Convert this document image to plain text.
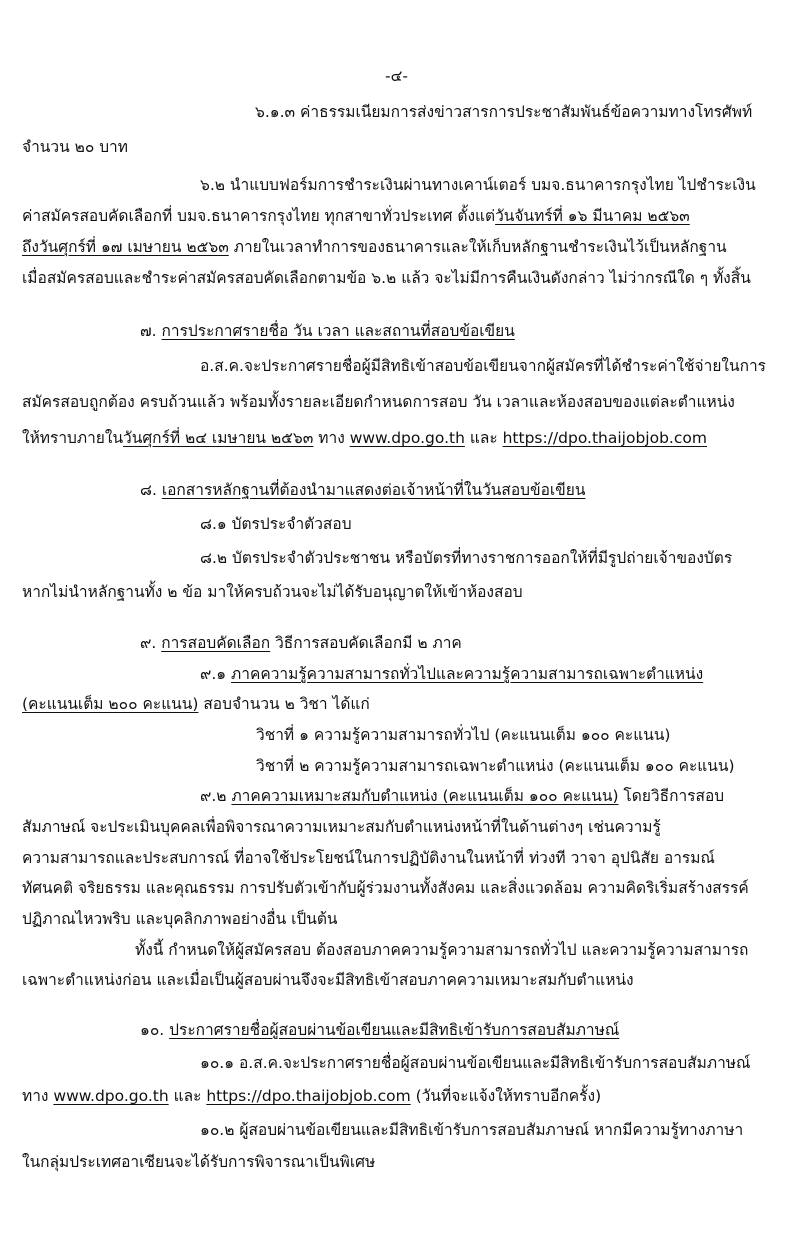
-๔-
๖.๑.๓ ค่าธรรมเนียมการส่งข่าวสารการประชาสัมพันธ์ข้อความทางโทรศัพท์
จำนวน ๒๐ บาท
๖.๒ นำแบบฟอร์มการชำระเงินผ่านทางเคาน์เตอร์ บมจ.ธนาคารกรุงไทย ไปชำระเงิน
ค่าสมัครสอบคัดเลือกที่ บมจ.ธนาคารกรุงไทย ทุกสาขาทั่วประเทศ ตั้งแต่วันจันทร์ที่ ๑๖ มีนาคม ๒๕๖๓
ถึงวันศุกร์ที่ ๑๗ เมษายน ๒๕๖๓ ภายในเวลาทำการของธนาคารและให้เก็บหลักฐานชำระเงินไว้เป็นหลักฐาน
เมื่อสมัครสอบและชำระค่าสมัครสอบคัดเลือกตามข้อ ๖.๒ แล้ว จะไม่มีการคืนเงินดังกล่าว ไม่ว่ากรณีใด ๆ ทั้งสิ้น
๗. การประกาศรายชื่อ วัน เวลา และสถานที่สอบข้อเขียน
อ.ส.ค.จะประกาศรายชื่อผู้มีสิทธิเข้าสอบข้อเขียนจากผู้สมัครที่ได้ชำระค่าใช้จ่ายในการ
สมัครสอบถูกต้อง ครบถ้วนแล้ว พร้อมทั้งรายละเอียดกำหนดการสอบ วัน เวลาและห้องสอบของแต่ละตำแหน่ง
ให้ทราบภายในวันศุกร์ที่ ๒๔ เมษายน ๒๕๖๓ ทาง www.dpo.go.th และ https://dpo.thaijobjob.com
๘. เอกสารหลักฐานที่ต้องนำมาแสดงต่อเจ้าหน้าที่ในวันสอบข้อเขียน
๘.๑ บัตรประจำตัวสอบ
๘.๒ บัตรประจำตัวประชาชน หรือบัตรที่ทางราชการออกให้ที่มีรูปถ่ายเจ้าของบัตร
หากไม่นำหลักฐานทั้ง ๒ ข้อ มาให้ครบถ้วนจะไม่ได้รับอนุญาตให้เข้าห้องสอบ
๙. การสอบคัดเลือก วิธีการสอบคัดเลือกมี ๒ ภาค
๙.๑ ภาคความรู้ความสามารถทั่วไปและความรู้ความสามารถเฉพาะตำแหน่ง
(คะแนนเต็ม ๒๐๐ คะแนน) สอบจำนวน ๒ วิชา ได้แก่
วิชาที่ ๑ ความรู้ความสามารถทั่วไป (คะแนนเต็ม ๑๐๐ คะแนน)
วิชาที่ ๒ ความรู้ความสามารถเฉพาะตำแหน่ง (คะแนนเต็ม ๑๐๐ คะแนน)
๙.๒ ภาคความเหมาะสมกับตำแหน่ง (คะแนนเต็ม ๑๐๐ คะแนน) โดยวิธีการสอบ
สัมภาษณ์ จะประเมินบุคคลเพื่อพิจารณาความเหมาะสมกับตำแหน่งหน้าที่ในด้านต่างๆ เช่นความรู้
ความสามารถและประสบการณ์ ที่อาจใช้ประโยชน์ในการปฏิบัติงานในหน้าที่ ท่วงที วาจา อุปนิสัย อารมณ์
ทัศนคติ จริยธรรม และคุณธรรม การปรับตัวเข้ากับผู้ร่วมงานทั้งสังคม และสิ่งแวดล้อม ความคิดริเริ่มสร้างสรรค์
ปฏิภาณไหวพริบ และบุคลิกภาพอย่างอื่น เป็นต้น
ทั้งนี้ กำหนดให้ผู้สมัครสอบ ต้องสอบภาคความรู้ความสามารถทั่วไป และความรู้ความสามารถ
เฉพาะตำแหน่งก่อน และเมื่อเป็นผู้สอบผ่านจึงจะมีสิทธิเข้าสอบภาคความเหมาะสมกับตำแหน่ง
๑๐. ประกาศรายชื่อผู้สอบผ่านข้อเขียนและมีสิทธิเข้ารับการสอบสัมภาษณ์
๑๐.๑ อ.ส.ค.จะประกาศรายชื่อผู้สอบผ่านข้อเขียนและมีสิทธิเข้ารับการสอบสัมภาษณ์
ทาง www.dpo.go.th และ https://dpo.thaijobjob.com (วันที่จะแจ้งให้ทราบอีกครั้ง)
๑๐.๒ ผู้สอบผ่านข้อเขียนและมีสิทธิเข้ารับการสอบสัมภาษณ์ หากมีความรู้ทางภาษา
ในกลุ่มประเทศอาเซียนจะได้รับการพิจารณาเป็นพิเศษ
